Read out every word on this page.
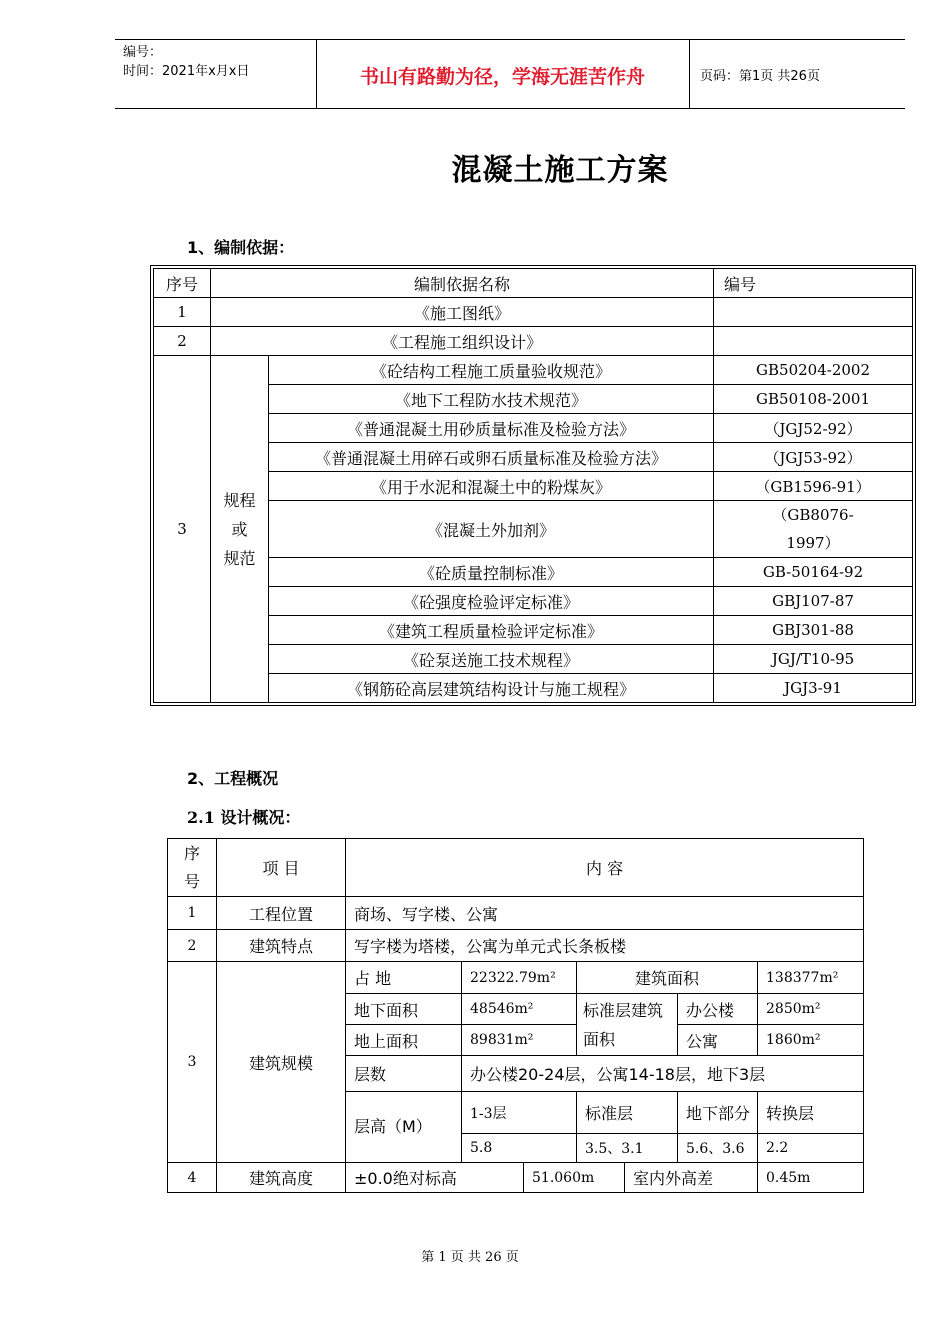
编号：
时间：2021年x月x日	书山有路勤为径，学海无涯苦作舟	页码：第1页 共26页
混凝土施工方案
1、编制依据：
序号	编制依据名称		编号
1	《施工图纸》		
2	《工程施工组织设计》		
3	规程
或
规范	《砼结构工程施工质量验收规范》	GB50204-2002
		《地下工程防水技术规范》	GB50108-2001
		《普通混凝土用砂质量标准及检验方法》	（JGJ52-92）
		《普通混凝土用碎石或卵石质量标准及检验方法》	（JGJ53-92）
		《用于水泥和混凝土中的粉煤灰》	（GB1596-91）
		《混凝土外加剂》	（GB8076-1997）
		《砼质量控制标准》	GB-50164-92
		《砼强度检验评定标准》	GBJ107-87
		《建筑工程质量检验评定标准》	GBJ301-88
		《砼泵送施工技术规程》	JGJ/T10-95
		《钢筋砼高层建筑结构设计与施工规程》	JGJ3-91
2、工程概况
2.1 设计概况：
序号	项 目	内 容						
1	工程位置	商场、写字楼、公寓						
2	建筑特点	写字楼为塔楼，公寓为单元式长条板楼						
3	建筑规模	占 地	22322.79m²		建筑面积			138377m²
		地下面积	48546m²		标准层建筑面积		办公楼	2850m²
		地上面积	89831m²				公寓	1860m²
		层数	办公楼20-24层，公寓14-18层，地下3层					
		层高（M）	1-3层		标准层		地下部分	转换层
			5.8		3.5、3.1		5.6、3.6	2.2
4	建筑高度	±0.0绝对标高		51.060m		室内外高差		0.45m
第 1 页 共 26 页
